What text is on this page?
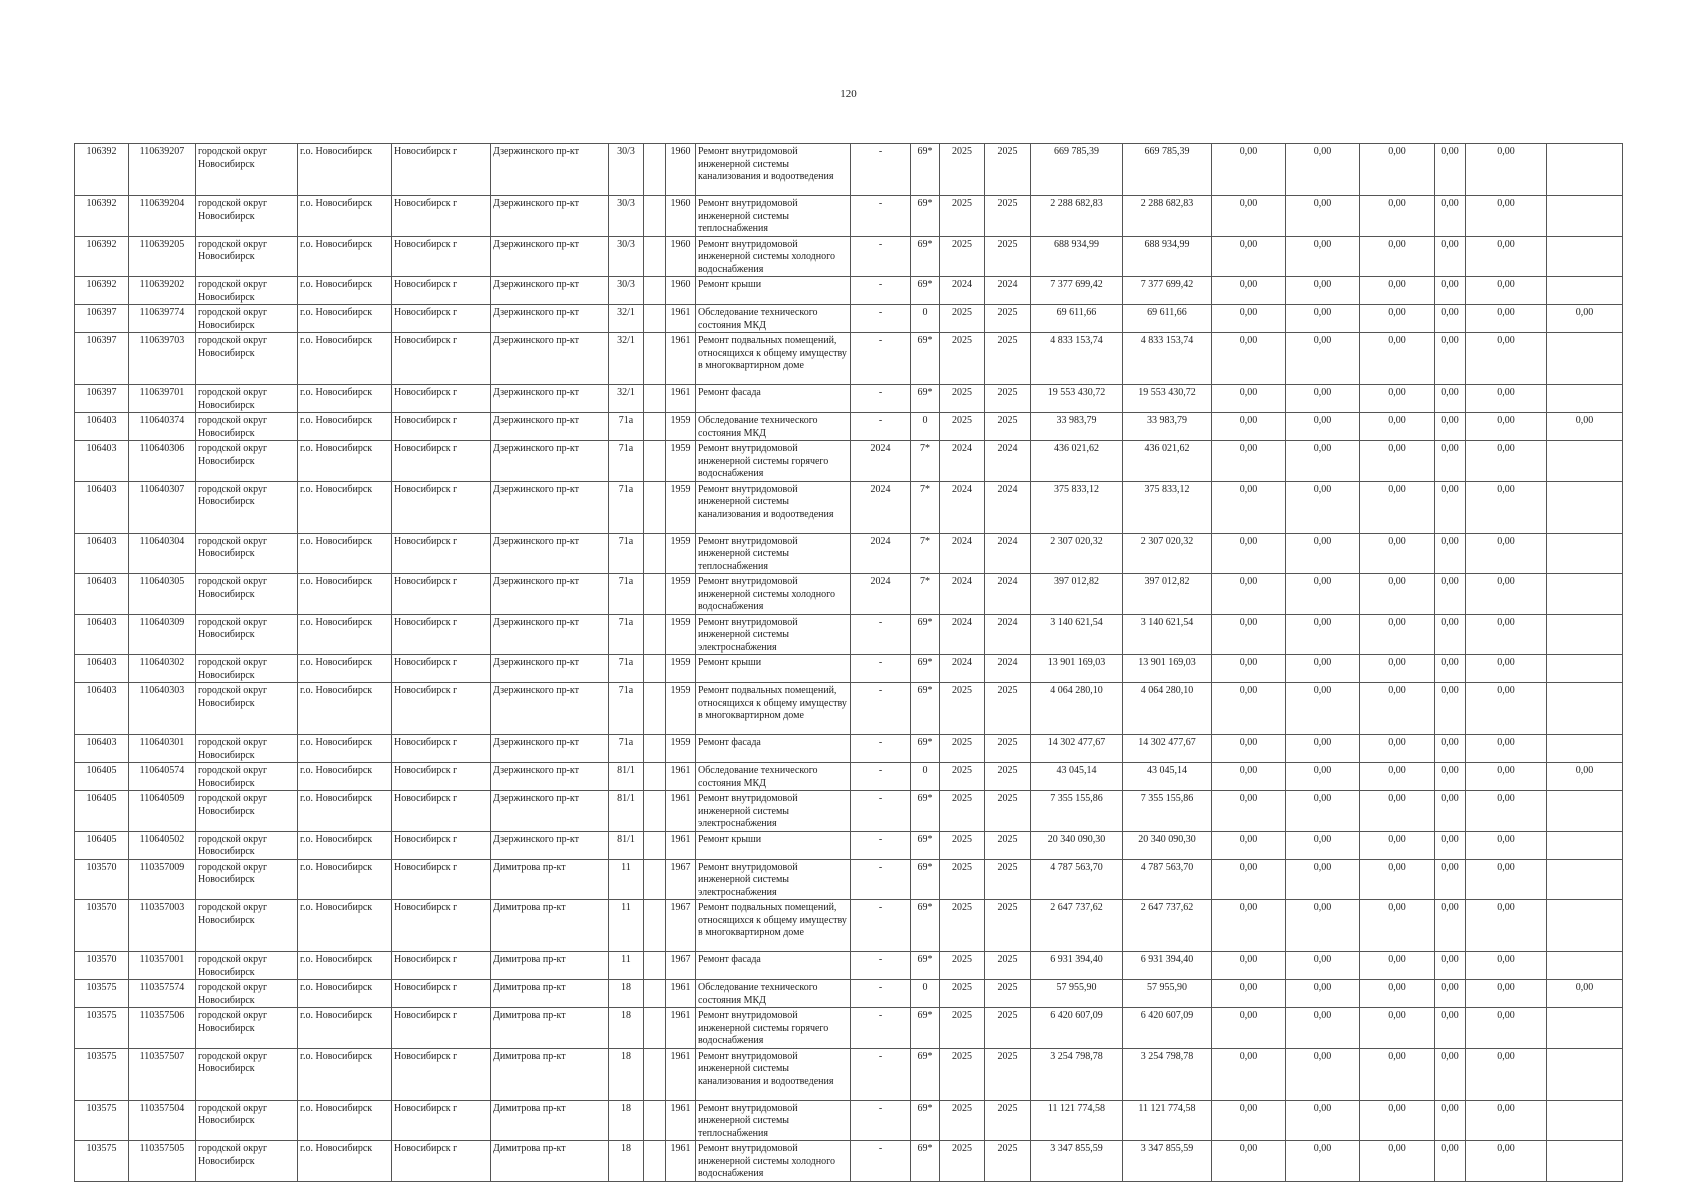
120
106392	110639207	городской округ Новосибирск	г.о. Новосибирск	Новосибирск г	Дзержинского пр-кт	30/3		1960	Ремонт внутридомовой инженерной системы канализования и водоотведения	-	69*	2025	2025	669 785,39	669 785,39	0,00	0,00	0,00	0,00	0,00	
106392	110639204	городской округ Новосибирск	г.о. Новосибирск	Новосибирск г	Дзержинского пр-кт	30/3		1960	Ремонт внутридомовой инженерной системы теплоснабжения	-	69*	2025	2025	2 288 682,83	2 288 682,83	0,00	0,00	0,00	0,00	0,00	
106392	110639205	городской округ Новосибирск	г.о. Новосибирск	Новосибирск г	Дзержинского пр-кт	30/3		1960	Ремонт внутридомовой инженерной системы холодного водоснабжения	-	69*	2025	2025	688 934,99	688 934,99	0,00	0,00	0,00	0,00	0,00	
106392	110639202	городской округ Новосибирск	г.о. Новосибирск	Новосибирск г	Дзержинского пр-кт	30/3		1960	Ремонт крыши	-	69*	2024	2024	7 377 699,42	7 377 699,42	0,00	0,00	0,00	0,00	0,00	
106397	110639774	городской округ Новосибирск	г.о. Новосибирск	Новосибирск г	Дзержинского пр-кт	32/1		1961	Обследование технического состояния МКД	-	0	2025	2025	69 611,66	69 611,66	0,00	0,00	0,00	0,00	0,00	0,00
106397	110639703	городской округ Новосибирск	г.о. Новосибирск	Новосибирск г	Дзержинского пр-кт	32/1		1961	Ремонт подвальных помещений, относящихся к общему имуществу в многоквартирном доме	-	69*	2025	2025	4 833 153,74	4 833 153,74	0,00	0,00	0,00	0,00	0,00	
106397	110639701	городской округ Новосибирск	г.о. Новосибирск	Новосибирск г	Дзержинского пр-кт	32/1		1961	Ремонт фасада	-	69*	2025	2025	19 553 430,72	19 553 430,72	0,00	0,00	0,00	0,00	0,00	
106403	110640374	городской округ Новосибирск	г.о. Новосибирск	Новосибирск г	Дзержинского пр-кт	71а		1959	Обследование технического состояния МКД	-	0	2025	2025	33 983,79	33 983,79	0,00	0,00	0,00	0,00	0,00	0,00
106403	110640306	городской округ Новосибирск	г.о. Новосибирск	Новосибирск г	Дзержинского пр-кт	71а		1959	Ремонт внутридомовой инженерной системы горячего водоснабжения	2024	7*	2024	2024	436 021,62	436 021,62	0,00	0,00	0,00	0,00	0,00	
106403	110640307	городской округ Новосибирск	г.о. Новосибирск	Новосибирск г	Дзержинского пр-кт	71а		1959	Ремонт внутридомовой инженерной системы канализования и водоотведения	2024	7*	2024	2024	375 833,12	375 833,12	0,00	0,00	0,00	0,00	0,00	
106403	110640304	городской округ Новосибирск	г.о. Новосибирск	Новосибирск г	Дзержинского пр-кт	71а		1959	Ремонт внутридомовой инженерной системы теплоснабжения	2024	7*	2024	2024	2 307 020,32	2 307 020,32	0,00	0,00	0,00	0,00	0,00	
106403	110640305	городской округ Новосибирск	г.о. Новосибирск	Новосибирск г	Дзержинского пр-кт	71а		1959	Ремонт внутридомовой инженерной системы холодного водоснабжения	2024	7*	2024	2024	397 012,82	397 012,82	0,00	0,00	0,00	0,00	0,00	
106403	110640309	городской округ Новосибирск	г.о. Новосибирск	Новосибирск г	Дзержинского пр-кт	71а		1959	Ремонт внутридомовой инженерной системы электроснабжения	-	69*	2024	2024	3 140 621,54	3 140 621,54	0,00	0,00	0,00	0,00	0,00	
106403	110640302	городской округ Новосибирск	г.о. Новосибирск	Новосибирск г	Дзержинского пр-кт	71а		1959	Ремонт крыши	-	69*	2024	2024	13 901 169,03	13 901 169,03	0,00	0,00	0,00	0,00	0,00	
106403	110640303	городской округ Новосибирск	г.о. Новосибирск	Новосибирск г	Дзержинского пр-кт	71а		1959	Ремонт подвальных помещений, относящихся к общему имуществу в многоквартирном доме	-	69*	2025	2025	4 064 280,10	4 064 280,10	0,00	0,00	0,00	0,00	0,00	
106403	110640301	городской округ Новосибирск	г.о. Новосибирск	Новосибирск г	Дзержинского пр-кт	71а		1959	Ремонт фасада	-	69*	2025	2025	14 302 477,67	14 302 477,67	0,00	0,00	0,00	0,00	0,00	
106405	110640574	городской округ Новосибирск	г.о. Новосибирск	Новосибирск г	Дзержинского пр-кт	81/1		1961	Обследование технического состояния МКД	-	0	2025	2025	43 045,14	43 045,14	0,00	0,00	0,00	0,00	0,00	0,00
106405	110640509	городской округ Новосибирск	г.о. Новосибирск	Новосибирск г	Дзержинского пр-кт	81/1		1961	Ремонт внутридомовой инженерной системы электроснабжения	-	69*	2025	2025	7 355 155,86	7 355 155,86	0,00	0,00	0,00	0,00	0,00	
106405	110640502	городской округ Новосибирск	г.о. Новосибирск	Новосибирск г	Дзержинского пр-кт	81/1		1961	Ремонт крыши	-	69*	2025	2025	20 340 090,30	20 340 090,30	0,00	0,00	0,00	0,00	0,00	
103570	110357009	городской округ Новосибирск	г.о. Новосибирск	Новосибирск г	Димитрова пр-кт	11		1967	Ремонт внутридомовой инженерной системы электроснабжения	-	69*	2025	2025	4 787 563,70	4 787 563,70	0,00	0,00	0,00	0,00	0,00	
103570	110357003	городской округ Новосибирск	г.о. Новосибирск	Новосибирск г	Димитрова пр-кт	11		1967	Ремонт подвальных помещений, относящихся к общему имуществу в многоквартирном доме	-	69*	2025	2025	2 647 737,62	2 647 737,62	0,00	0,00	0,00	0,00	0,00	
103570	110357001	городской округ Новосибирск	г.о. Новосибирск	Новосибирск г	Димитрова пр-кт	11		1967	Ремонт фасада	-	69*	2025	2025	6 931 394,40	6 931 394,40	0,00	0,00	0,00	0,00	0,00	
103575	110357574	городской округ Новосибирск	г.о. Новосибирск	Новосибирск г	Димитрова пр-кт	18		1961	Обследование технического состояния МКД	-	0	2025	2025	57 955,90	57 955,90	0,00	0,00	0,00	0,00	0,00	0,00
103575	110357506	городской округ Новосибирск	г.о. Новосибирск	Новосибирск г	Димитрова пр-кт	18		1961	Ремонт внутридомовой инженерной системы горячего водоснабжения	-	69*	2025	2025	6 420 607,09	6 420 607,09	0,00	0,00	0,00	0,00	0,00	
103575	110357507	городской округ Новосибирск	г.о. Новосибирск	Новосибирск г	Димитрова пр-кт	18		1961	Ремонт внутридомовой инженерной системы канализования и водоотведения	-	69*	2025	2025	3 254 798,78	3 254 798,78	0,00	0,00	0,00	0,00	0,00	
103575	110357504	городской округ Новосибирск	г.о. Новосибирск	Новосибирск г	Димитрова пр-кт	18		1961	Ремонт внутридомовой инженерной системы теплоснабжения	-	69*	2025	2025	11 121 774,58	11 121 774,58	0,00	0,00	0,00	0,00	0,00	
103575	110357505	городской округ Новосибирск	г.о. Новосибирск	Новосибирск г	Димитрова пр-кт	18		1961	Ремонт внутридомовой инженерной системы холодного водоснабжения	-	69*	2025	2025	3 347 855,59	3 347 855,59	0,00	0,00	0,00	0,00	0,00	
